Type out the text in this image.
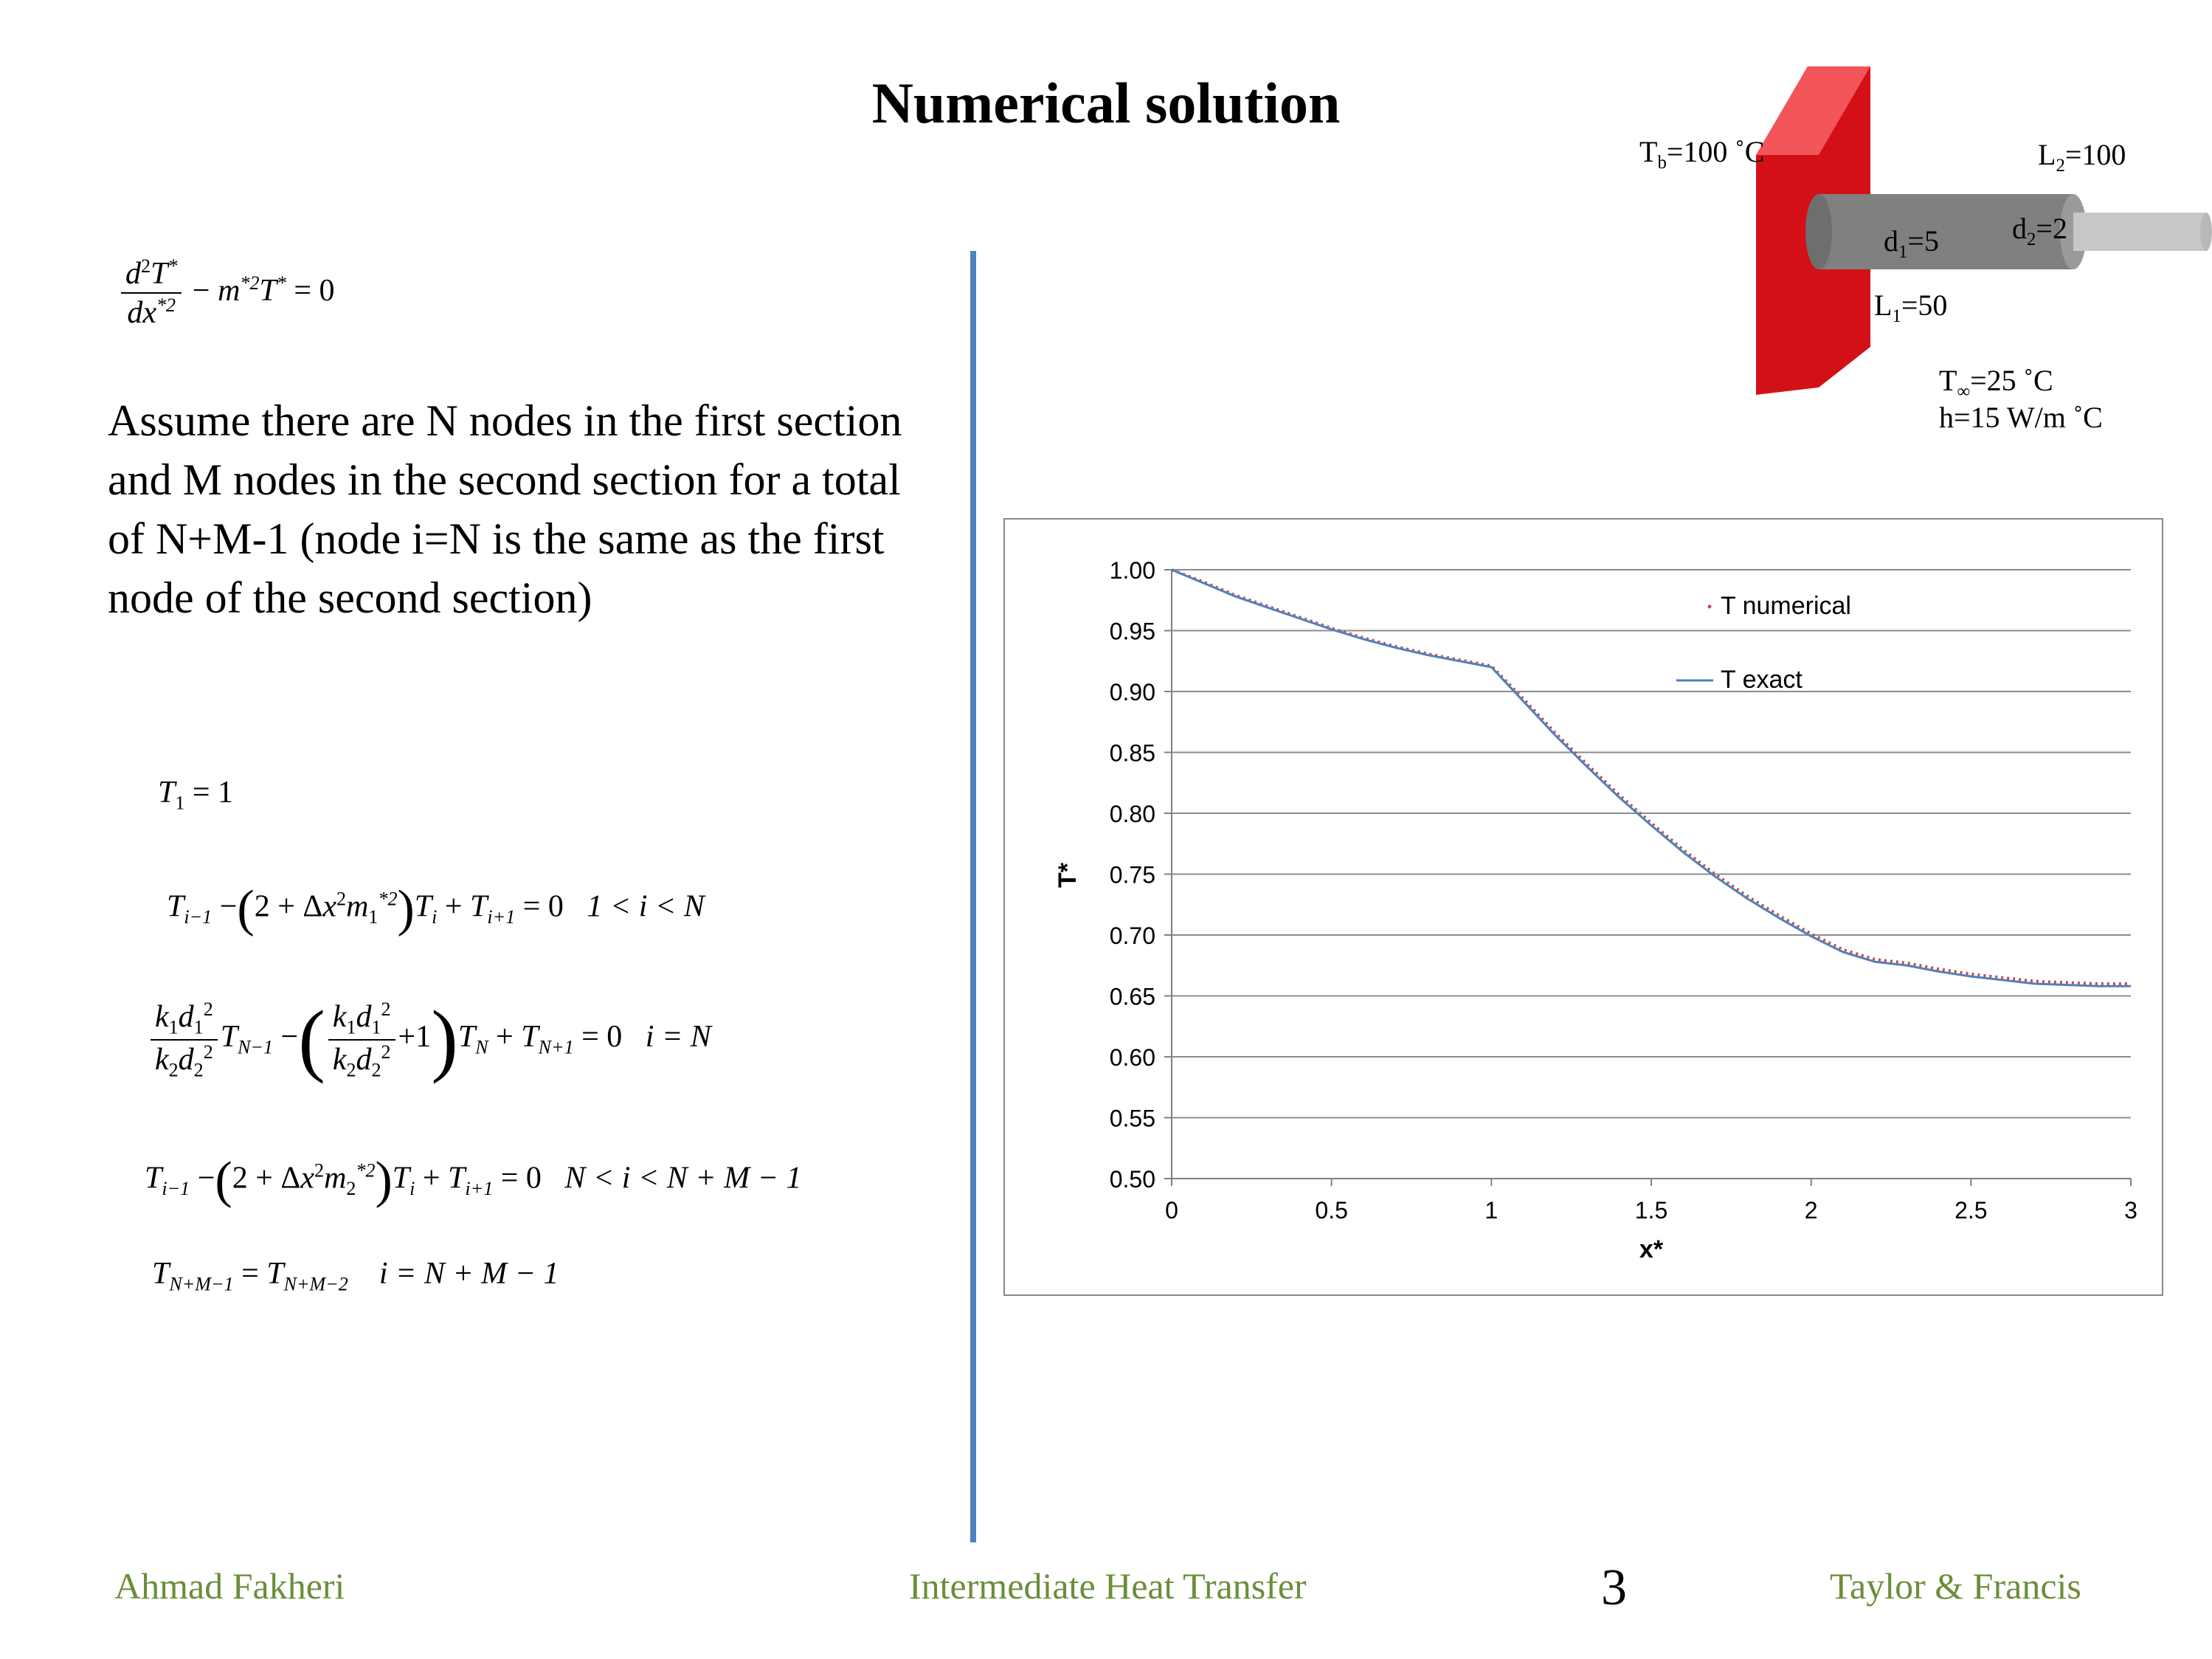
Numerical solution
Assume there are N nodes in the first section and M nodes in the second section for a total of N+M-1 (node i=N is the same as the first node of the second section)
$\frac{d^2T^*}{dx^{*2}} - m^{*2}T^* = 0$
$T_1 = 1$
$T_{i-1} -(2 + \Delta x^2m_1^{*2})T_i + T_{i+1} = 0$ 1 < i < N
$\frac{k_1d_1^2}{k_2d_2^2} T_{N-1}$ −( $\frac{k_1d_1^2}{k_2d_2^2} +1)T_N + T_{N+1} = 0$ i = N
$T_{i-1} -(2 + \Delta x^2m_2^{*2})T_i + T_{i+1} = 0$ N < i < N + M − 1
$T_{N+M-1} = T_{N+M-2}$ i = N + M − 1
$T_b=100$ ˚C	$L_2=100$
$d_1=5$ $d_2=2$
$L_1=50$
$T_\infty=25$ ˚C
h=15 W/m ˚C
0.50
0.55
0.60
0.65
0.70
0.75
0.80
0.85
0.90
0.95
1.00
0	0.5	1	1.5	2	2.5	3
T numerical
T exact
T*
x*
Ahmad Fakheri	Intermediate Heat Transfer	3	Taylor & Francis
